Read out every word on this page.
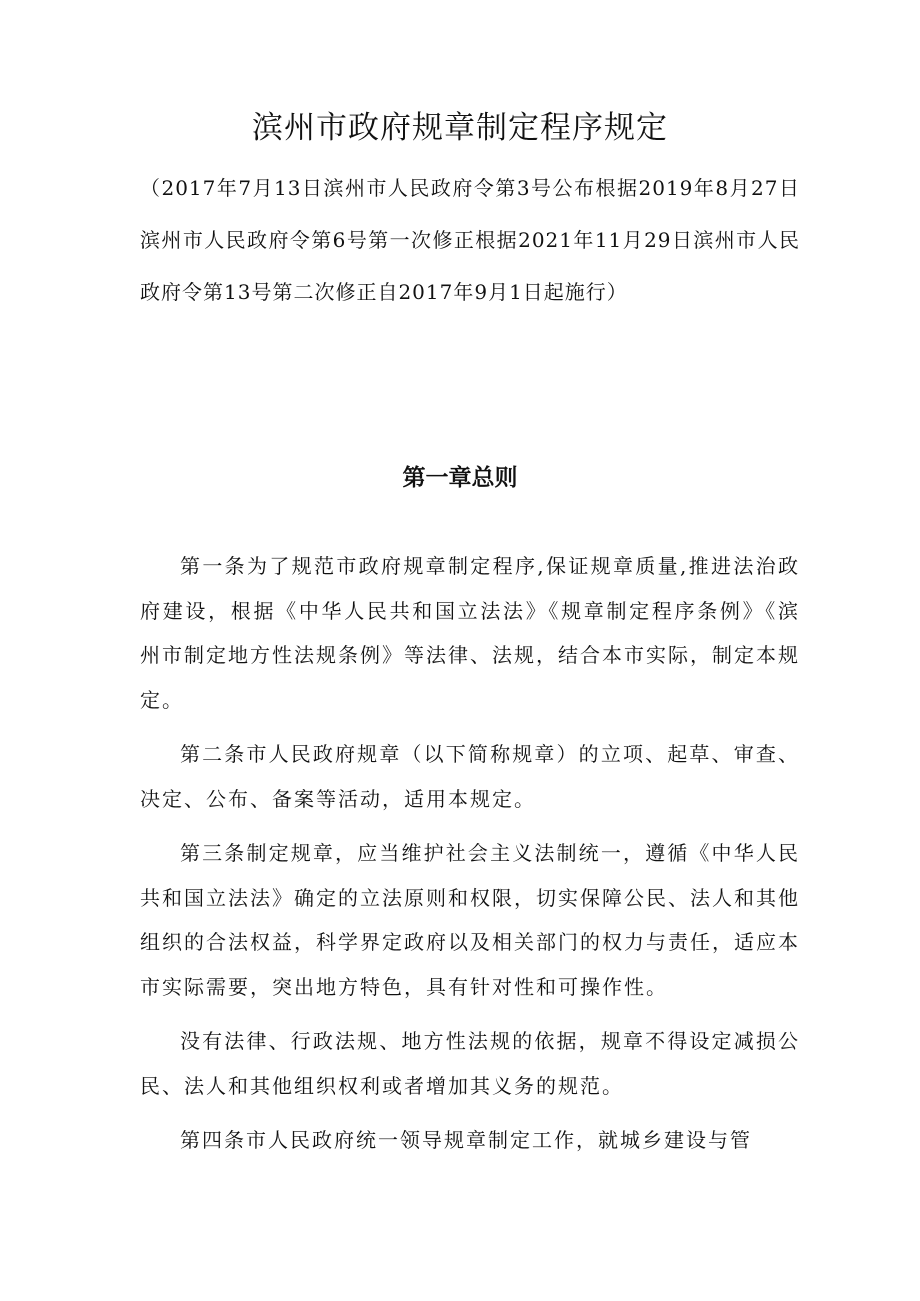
滨州市政府规章制定程序规定
（2017年7月13日滨州市人民政府令第3号公布根据2019年8月27日滨州市人民政府令第6号第一次修正根据2021年11月29日滨州市人民政府令第13号第二次修正自2017年9月1日起施行）
第一章总则

第一条为了规范市政府规章制定程序,保证规章质量,推进法治政府建设，根据《中华人民共和国立法法》《规章制定程序条例》《滨州市制定地方性法规条例》等法律、法规，结合本市实际，制定本规定。

第二条市人民政府规章（以下简称规章）的立项、起草、审查、决定、公布、备案等活动，适用本规定。

第三条制定规章，应当维护社会主义法制统一，遵循《中华人民共和国立法法》确定的立法原则和权限，切实保障公民、法人和其他组织的合法权益，科学界定政府以及相关部门的权力与责任，适应本市实际需要，突出地方特色，具有针对性和可操作性。

没有法律、行政法规、地方性法规的依据，规章不得设定减损公民、法人和其他组织权利或者增加其义务的规范。

第四条市人民政府统一领导规章制定工作，就城乡建设与管
